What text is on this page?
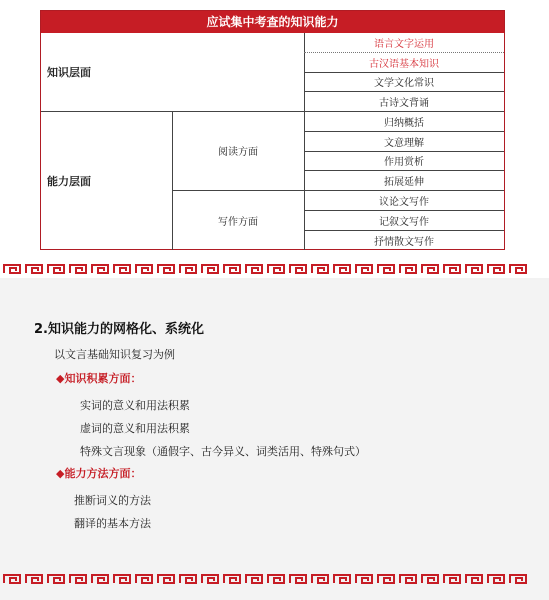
应试集中考查的知识能力
知识层面
能力层面
阅读方面
写作方面
语言文字运用
古汉语基本知识
文学文化常识
古诗文背诵
归纳概括
文意理解
作用赏析
拓展延伸
议论文写作
记叙文写作
抒情散文写作
2.知识能力的网格化、系统化
以文言基础知识复习为例
◆知识积累方面：
实词的意义和用法积累
虚词的意义和用法积累
特殊文言现象（通假字、古今异义、词类活用、特殊句式）
◆能力方法方面：
推断词义的方法
翻译的基本方法
